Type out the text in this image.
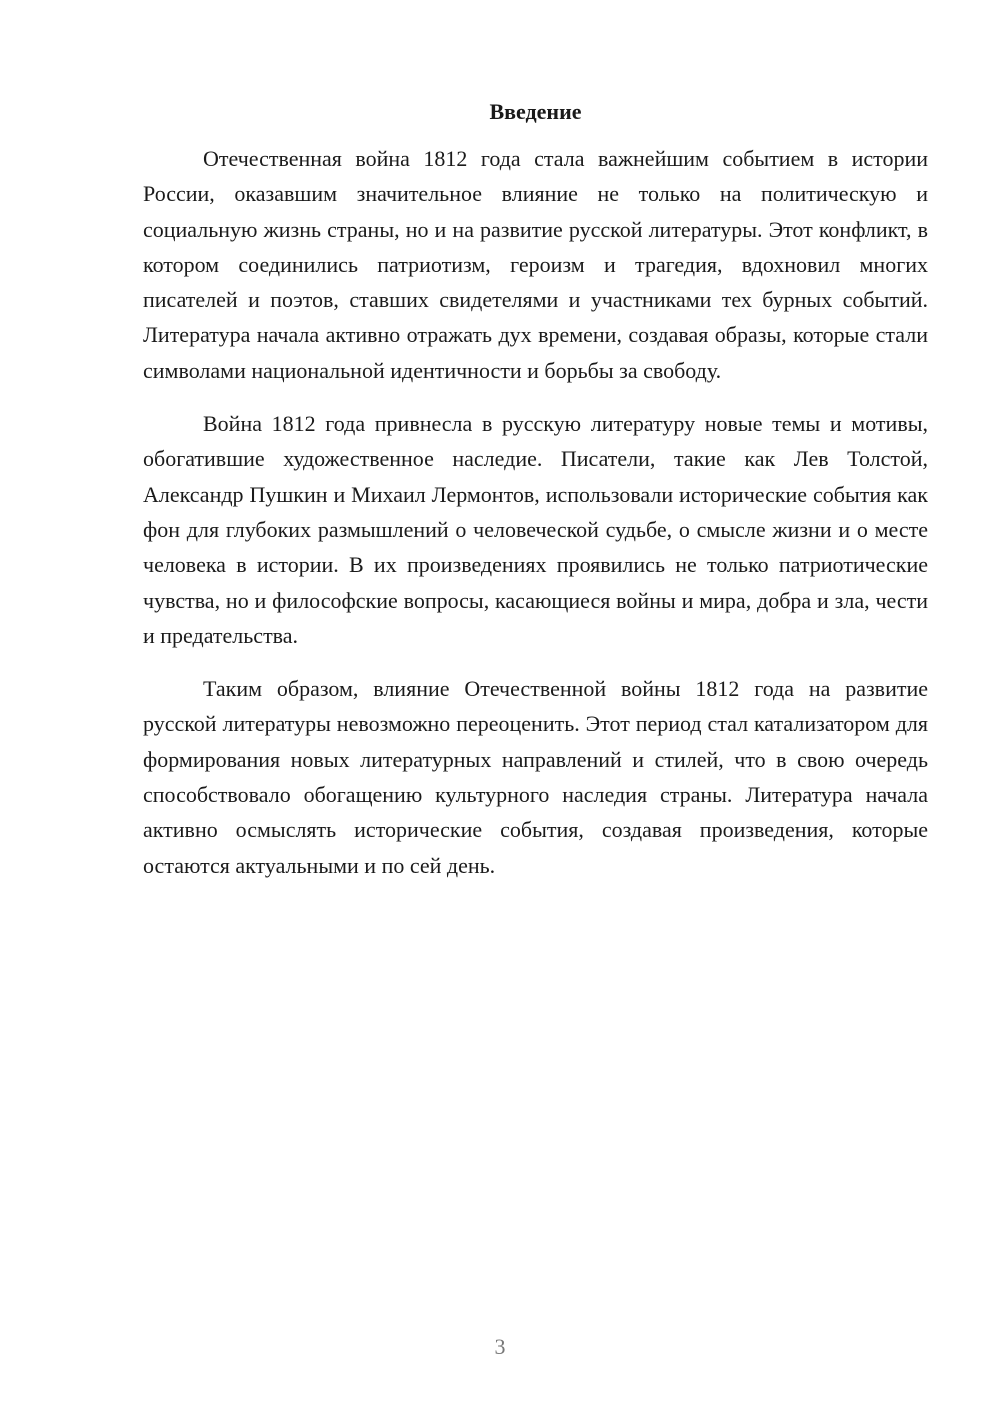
Введение

Отечественная война 1812 года стала важнейшим событием в истории России, оказавшим значительное влияние не только на политическую и социальную жизнь страны, но и на развитие русской литературы. Этот конфликт, в котором соединились патриотизм, героизм и трагедия, вдохновил многих писателей и поэтов, ставших свидетелями и участниками тех бурных событий. Литература начала активно отражать дух времени, создавая образы, которые стали символами национальной идентичности и борьбы за свободу.

Война 1812 года привнесла в русскую литературу новые темы и мотивы, обогатившие художественное наследие. Писатели, такие как Лев Толстой, Александр Пушкин и Михаил Лермонтов, использовали исторические события как фон для глубоких размышлений о человеческой судьбе, о смысле жизни и о месте человека в истории. В их произведениях проявились не только патриотические чувства, но и философские вопросы, касающиеся войны и мира, добра и зла, чести и предательства.

Таким образом, влияние Отечественной войны 1812 года на развитие русской литературы невозможно переоценить. Этот период стал катализатором для формирования новых литературных направлений и стилей, что в свою очередь способствовало обогащению культурного наследия страны. Литература начала активно осмыслять исторические события, создавая произведения, которые остаются актуальными и по сей день.

3
